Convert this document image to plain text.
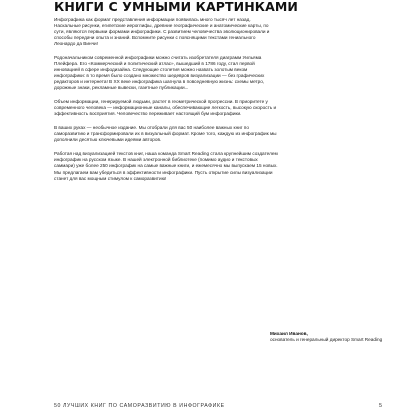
КНИГИ С УМНЫМИ КАРТИНКАМИ

Инфографика как формат представления информации появилась много тысяч лет назад. Наскальные рисунки, египетские иероглифы, древние географические и анатомические карты, по сути, являются первыми формами инфографики. С развитием человечества эволюционировали и способы передачи опыта и знаний. Вспомните рисунки с пояснящими текстами гениального Леонардо да Винчи!

Родоначальником современной инфографики можно считать изобретателя диаграмм Уильяма Плейфера. Его «Коммерческий и политический атлас», вышедший в 1786 году, стал первой инновацией в сфере инфодизайна. Следующие столетия можно назвать золотым веком инфографики: в то время было создано множество шедевров визуализации — без графических редакторов и интернета! В XX веке инфографика шагнула в повседневную жизнь: схемы метро, дорожные знаки, рекламные вывески, газетные публикации...

Объем информации, генерируемой людьми, растет в геометрической прогрессии. В приоритете у современного человека — информационные каналы, обеспечивающие легкость, высокую скорость и эффективность восприятия. Человечество переживает настоящий бум инфографики.

В ваших руках — необычное издание. Мы отобрали для вас 50 наиболее важных книг по саморазвитию и трансформировали их в визуальный формат. Кроме того, каждую из инфографик мы дополнили десятью ключевыми идеями авторов.

Работая над визуализацией текстов книг, наша команда Smart Reading стала крупнейшим создателем инфографик на русском языке. В нашей электронной библиотеке (помимо аудио и текстовых саммари) уже более 250 инфографик на самые важные книги, и ежемесячно мы выпускаем 15 новых. Мы предлагаем вам убедиться в эффективности инфографики. Пусть открытие силы визуализации станет для вас мощным стимулом к саморазвитию!

Михаил Иванов,
основатель и генеральный директор Smart Reading
50 ЛУЧШИХ КНИГ ПО САМОРАЗВИТИЮ В ИНФОГРАФИКЕ	5
